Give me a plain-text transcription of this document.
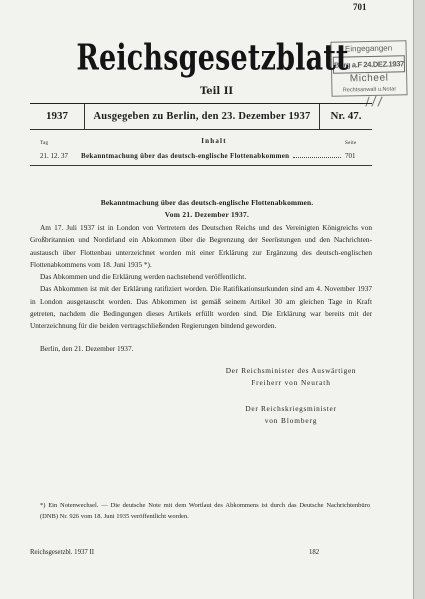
701
Eingegangen
Burg a.F 24.DEZ.1937
Micheel
Rechtsanwalt u.Notar
Reichsgesetzblatt
Teil II
1937	Ausgegeben zu Berlin, den 23. Dezember 1937	Nr. 47.
Tag	Inhalt	Seite
21. 12. 37	Bekanntmachung über das deutsch-englische Flottenabkommen	701
Bekanntmachung über das deutsch-englische Flottenabkommen.
Vom 21. Dezember 1937.
Am 17. Juli 1937 ist in London von Vertretern des Deutschen Reichs und des Vereinigten Königreichs von
Großbritannien und Nordirland ein Abkommen über die Begrenzung der Seerüstungen und den Nachrichten-
austausch über Flottenbau unterzeichnet worden mit einer Erklärung zur Ergänzung des deutsch-englischen
Flottenabkommens vom 18. Juni 1935 *).
Das Abkommen und die Erklärung werden nachstehend veröffentlicht.
Das Abkommen ist mit der Erklärung ratifiziert worden. Die Ratifikationsurkunden sind am 4. November 1937
in London ausgetauscht worden. Das Abkommen ist gemäß seinem Artikel 30 am gleichen Tage in Kraft
getreten, nachdem die Bedingungen dieses Artikels erfüllt worden sind. Die Erklärung war bereits mit der
Unterzeichnung für die beiden vertragschließenden Regierungen bindend geworden.
Berlin, den 21. Dezember 1937.
Der Reichsminister des Auswärtigen
Freiherr von Neurath
Der Reichskriegsminister
von Blomberg
*) Ein Notenwechsel. — Die deutsche Note mit dem Wortlaut des Abkommens ist durch das Deutsche Nachrichtenbüro
(DNB) Nr. 926 vom 18. Juni 1935 veröffentlicht worden.
Reichsgesetzbl. 1937 II	182
